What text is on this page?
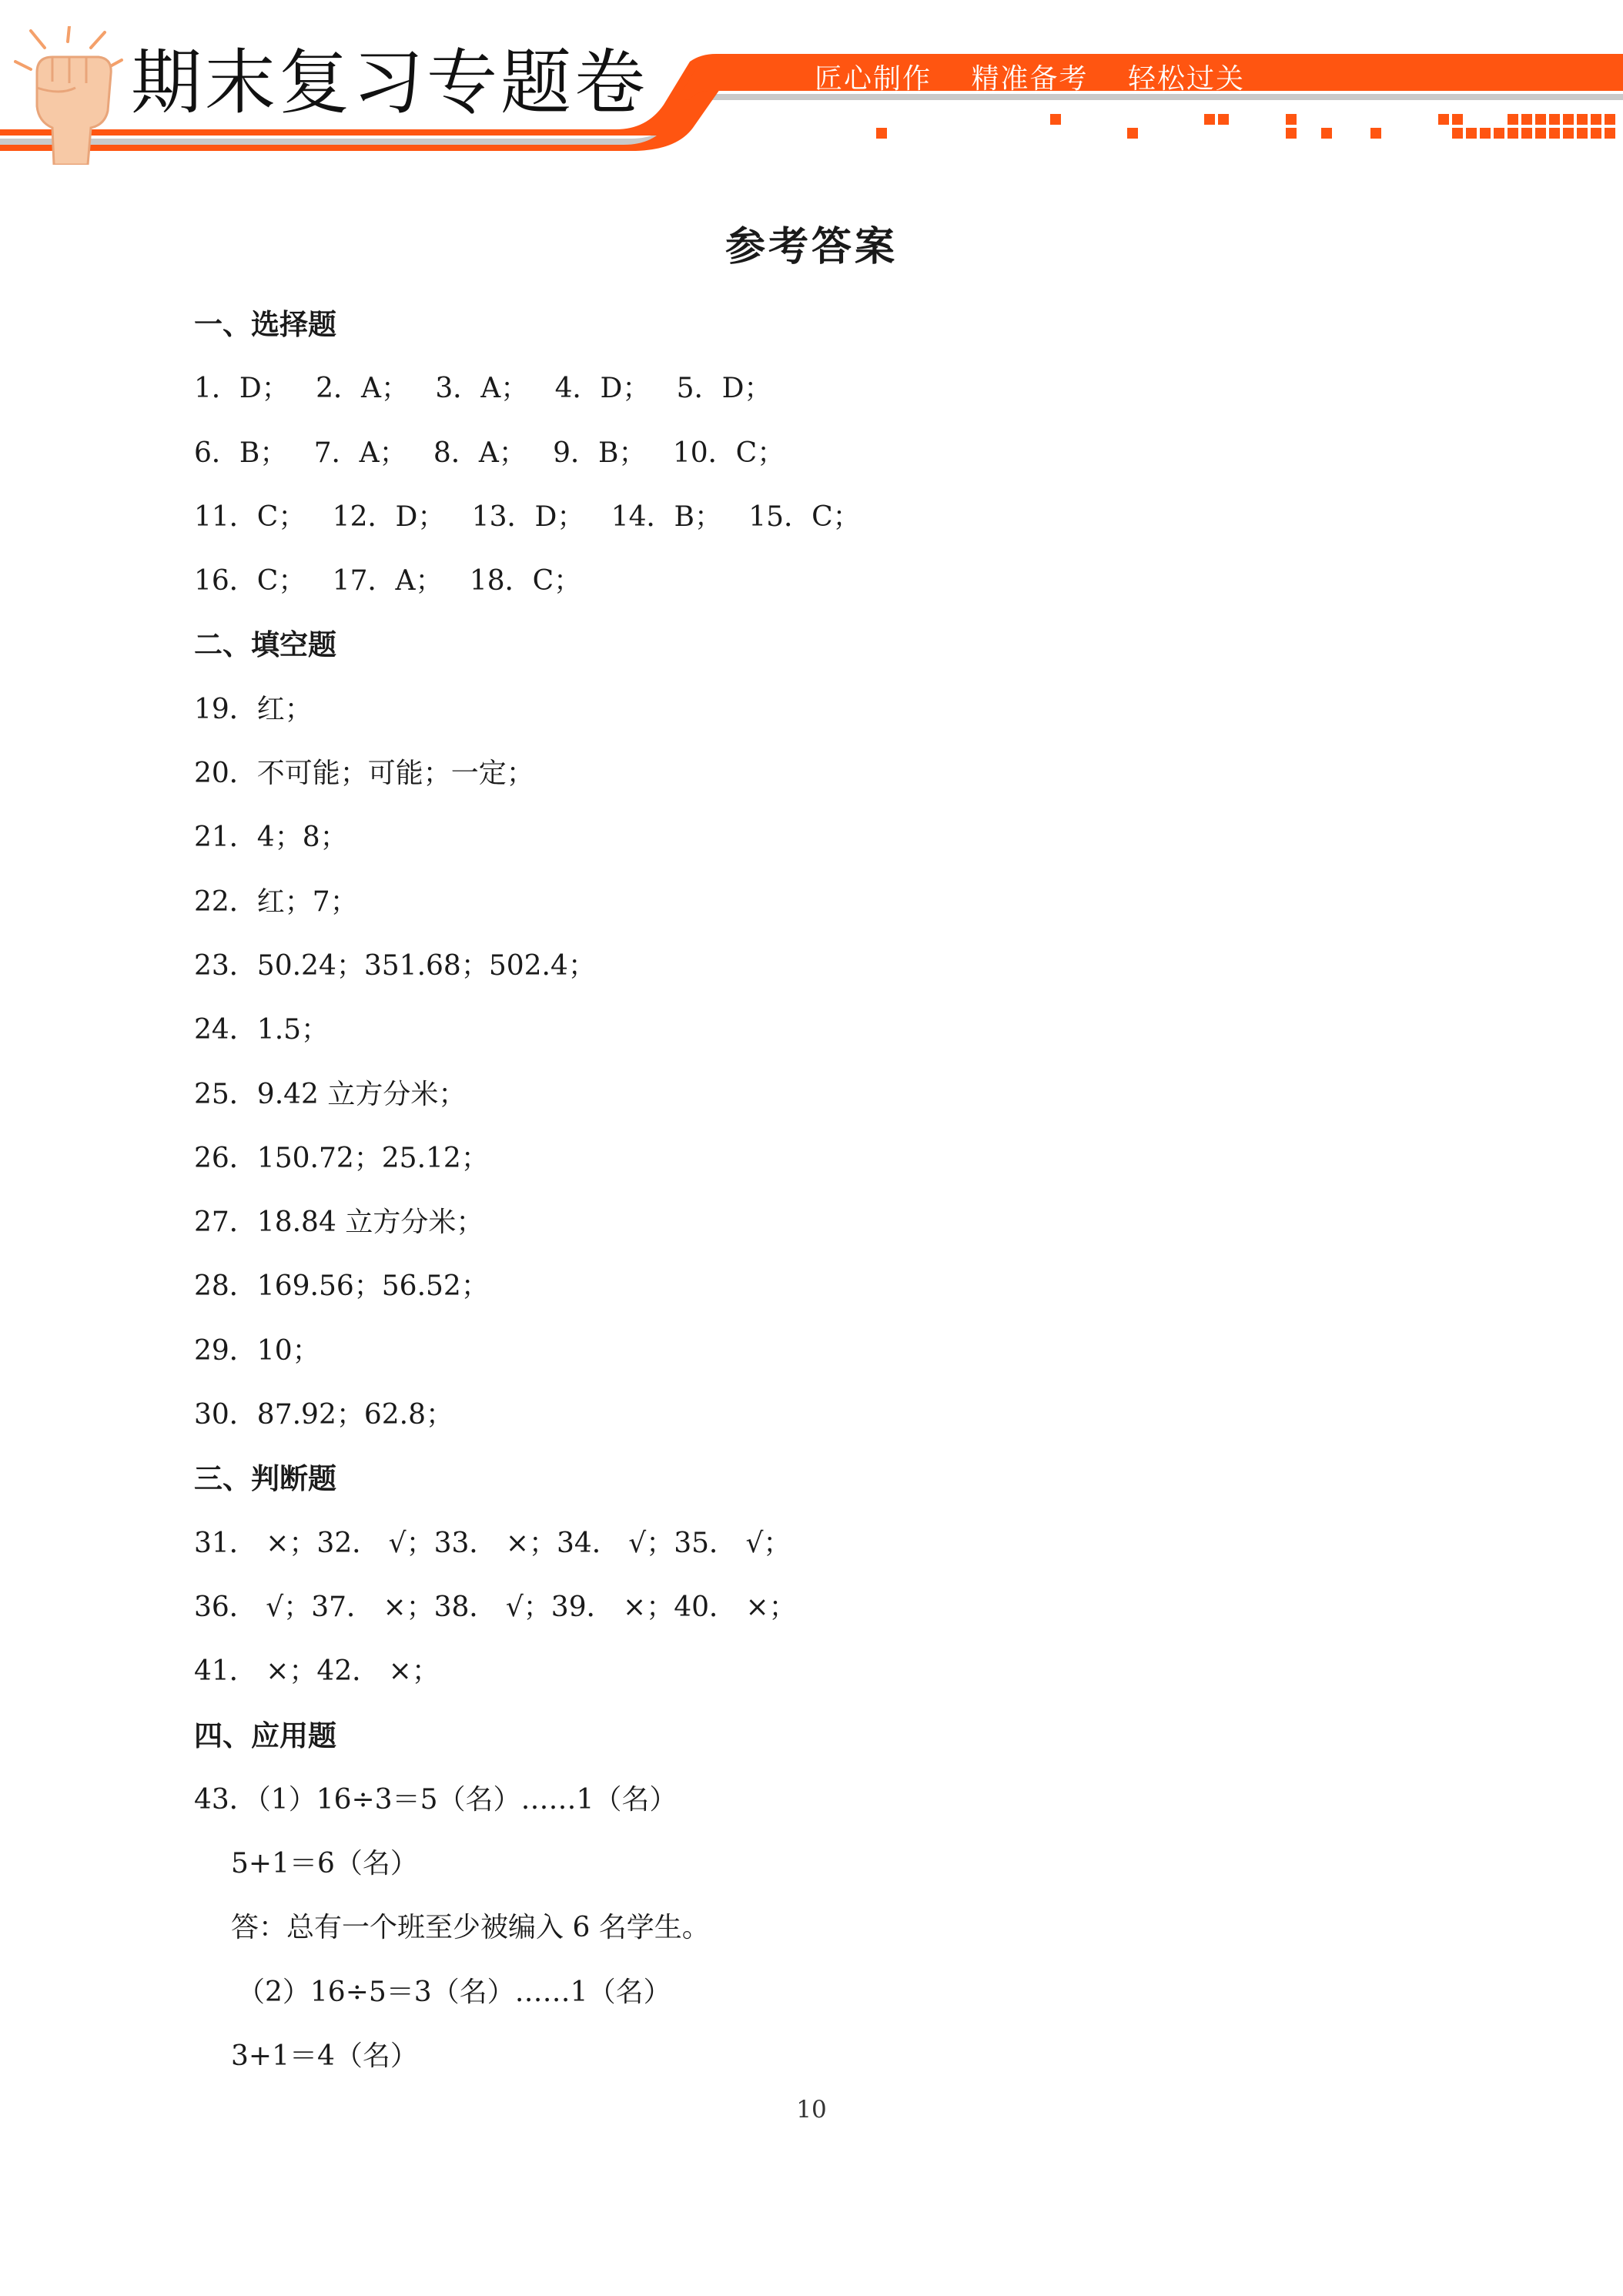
期末复习专题卷	匠心制作 精准备考 轻松过关
参考答案
一、选择题
1．D；   2．A；   3．A；   4．D；   5．D；
6．B；   7．A；   8．A；   9．B；   10．C；
11．C；   12．D；   13．D；   14．B；   15．C；
16．C；   17．A；   18．C；
二、填空题
19．红；
20．不可能；可能；一定；
21．4；8；
22．红；7；
23．50.24；351.68；502.4；
24．1.5；
25．9.42 立方分米；
26．150.72；25.12；
27．18.84 立方分米；
28．169.56；56.52；
29．10；
30．87.92；62.8；
三、判断题
31． ×；32． √；33． ×；34． √；35． √；
36． √；37． ×；38． √；39． ×；40． ×；
41． ×；42． ×；
四、应用题
43．（1）16÷3＝5（名）……1（名）
5+1＝6（名）
答：总有一个班至少被编入 6 名学生。
（2）16÷5＝3（名）……1（名）
3+1＝4（名）
10
